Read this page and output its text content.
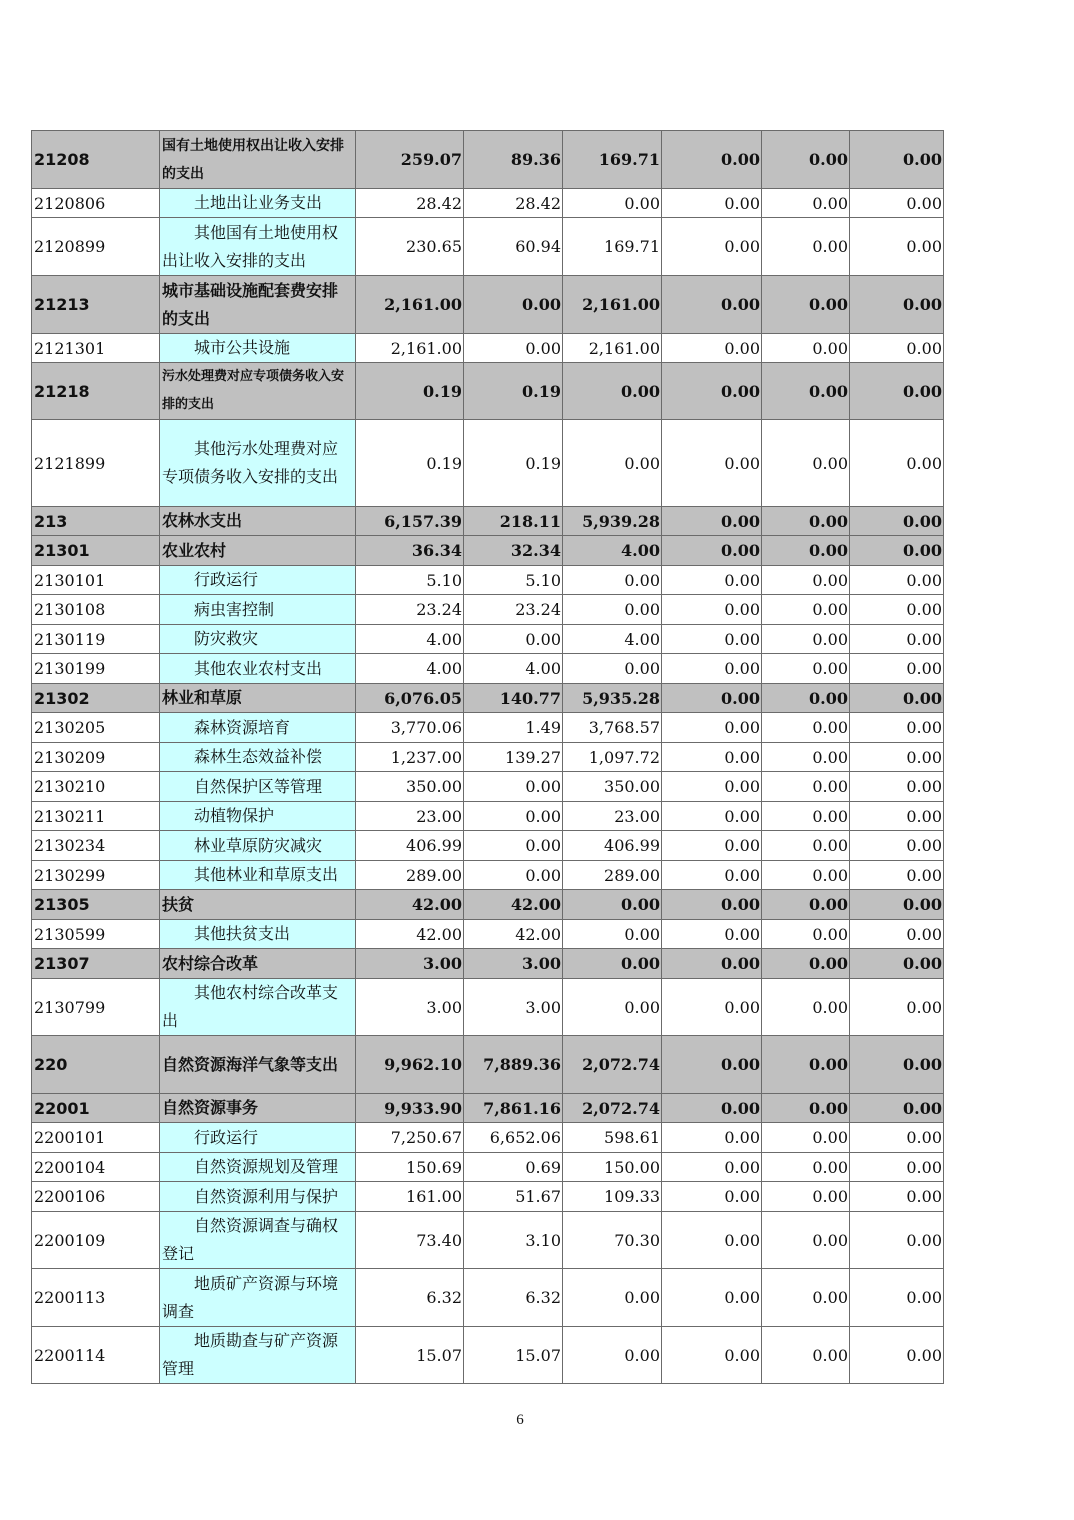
21208	国有土地使用权出让收入安排的支出	259.07	89.36	169.71	0.00	0.00	0.00
2120806	土地出让业务支出	28.42	28.42	0.00	0.00	0.00	0.00
2120899	其他国有土地使用权出让收入安排的支出	230.65	60.94	169.71	0.00	0.00	0.00
21213	城市基础设施配套费安排的支出	2,161.00	0.00	2,161.00	0.00	0.00	0.00
2121301	城市公共设施	2,161.00	0.00	2,161.00	0.00	0.00	0.00
21218	污水处理费对应专项债务收入安排的支出	0.19	0.19	0.00	0.00	0.00	0.00
2121899	其他污水处理费对应专项债务收入安排的支出	0.19	0.19	0.00	0.00	0.00	0.00
213	农林水支出	6,157.39	218.11	5,939.28	0.00	0.00	0.00
21301	农业农村	36.34	32.34	4.00	0.00	0.00	0.00
2130101	行政运行	5.10	5.10	0.00	0.00	0.00	0.00
2130108	病虫害控制	23.24	23.24	0.00	0.00	0.00	0.00
2130119	防灾救灾	4.00	0.00	4.00	0.00	0.00	0.00
2130199	其他农业农村支出	4.00	4.00	0.00	0.00	0.00	0.00
21302	林业和草原	6,076.05	140.77	5,935.28	0.00	0.00	0.00
2130205	森林资源培育	3,770.06	1.49	3,768.57	0.00	0.00	0.00
2130209	森林生态效益补偿	1,237.00	139.27	1,097.72	0.00	0.00	0.00
2130210	自然保护区等管理	350.00	0.00	350.00	0.00	0.00	0.00
2130211	动植物保护	23.00	0.00	23.00	0.00	0.00	0.00
2130234	林业草原防灾减灾	406.99	0.00	406.99	0.00	0.00	0.00
2130299	其他林业和草原支出	289.00	0.00	289.00	0.00	0.00	0.00
21305	扶贫	42.00	42.00	0.00	0.00	0.00	0.00
2130599	其他扶贫支出	42.00	42.00	0.00	0.00	0.00	0.00
21307	农村综合改革	3.00	3.00	0.00	0.00	0.00	0.00
2130799	其他农村综合改革支出	3.00	3.00	0.00	0.00	0.00	0.00
220	自然资源海洋气象等支出	9,962.10	7,889.36	2,072.74	0.00	0.00	0.00
22001	自然资源事务	9,933.90	7,861.16	2,072.74	0.00	0.00	0.00
2200101	行政运行	7,250.67	6,652.06	598.61	0.00	0.00	0.00
2200104	自然资源规划及管理	150.69	0.69	150.00	0.00	0.00	0.00
2200106	自然资源利用与保护	161.00	51.67	109.33	0.00	0.00	0.00
2200109	自然资源调查与确权登记	73.40	3.10	70.30	0.00	0.00	0.00
2200113	地质矿产资源与环境调查	6.32	6.32	0.00	0.00	0.00	0.00
2200114	地质勘查与矿产资源管理	15.07	15.07	0.00	0.00	0.00	0.00
6
